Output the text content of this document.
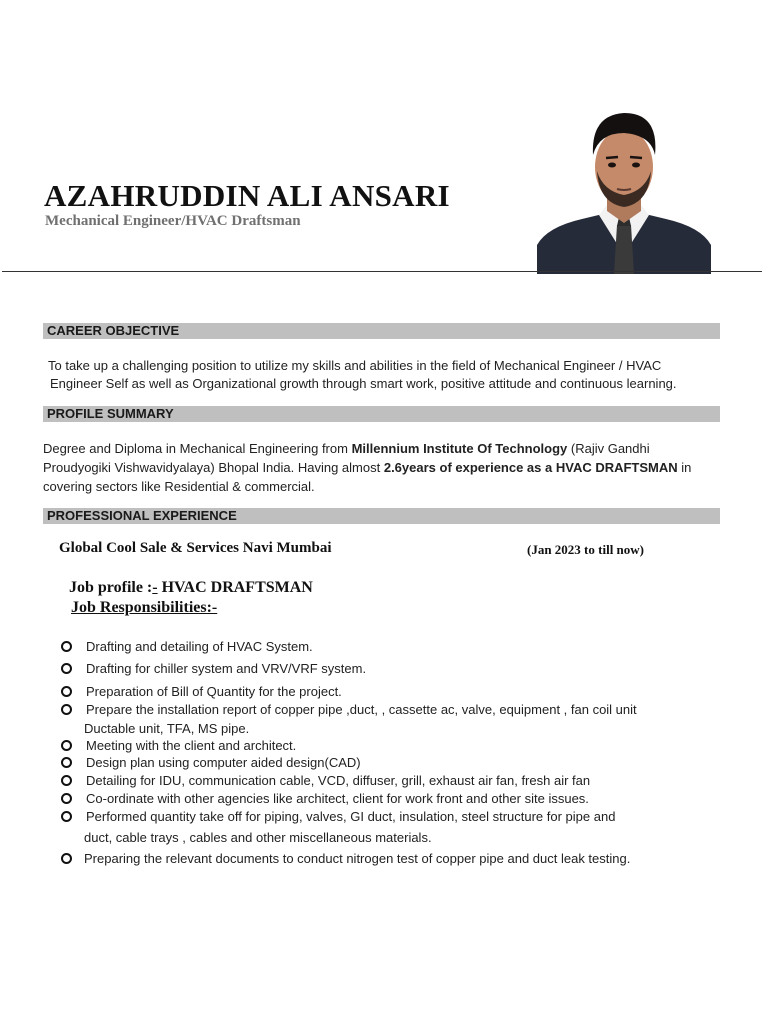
AZAHRUDDIN ALI ANSARI
Mechanical Engineer/HVAC Draftsman
CAREER OBJECTIVE
To take up a challenging position to utilize my skills and abilities in the field of Mechanical Engineer / HVAC
Engineer Self as well as Organizational growth through smart work, positive attitude and continuous learning.
PROFILE SUMMARY
Degree and Diploma in Mechanical Engineering from Millennium Institute Of Technology (Rajiv Gandhi
Proudyogiki Vishwavidyalaya) Bhopal India. Having almost 2.6years of experience as a HVAC DRAFTSMAN in
covering sectors like Residential & commercial.
PROFESSIONAL EXPERIENCE
Global Cool Sale & Services Navi Mumbai	(Jan 2023 to till now)
Job profile :- HVAC DRAFTSMAN
Job Responsibilities:-
Drafting and detailing of HVAC System.
Drafting for chiller system and VRV/VRF system.
Preparation of Bill of Quantity for the project.
Prepare the installation report of copper pipe ,duct, , cassette ac, valve, equipment , fan coil unit
Ductable unit, TFA, MS pipe.
Meeting with the client and architect.
Design plan using computer aided design(CAD)
Detailing for IDU, communication cable, VCD, diffuser, grill, exhaust air fan, fresh air fan
Co-ordinate with other agencies like architect, client for work front and other site issues.
Performed quantity take off for piping, valves, GI duct, insulation, steel structure for pipe and
duct, cable trays , cables and other miscellaneous materials.
Preparing the relevant documents to conduct nitrogen test of copper pipe and duct leak testing.
